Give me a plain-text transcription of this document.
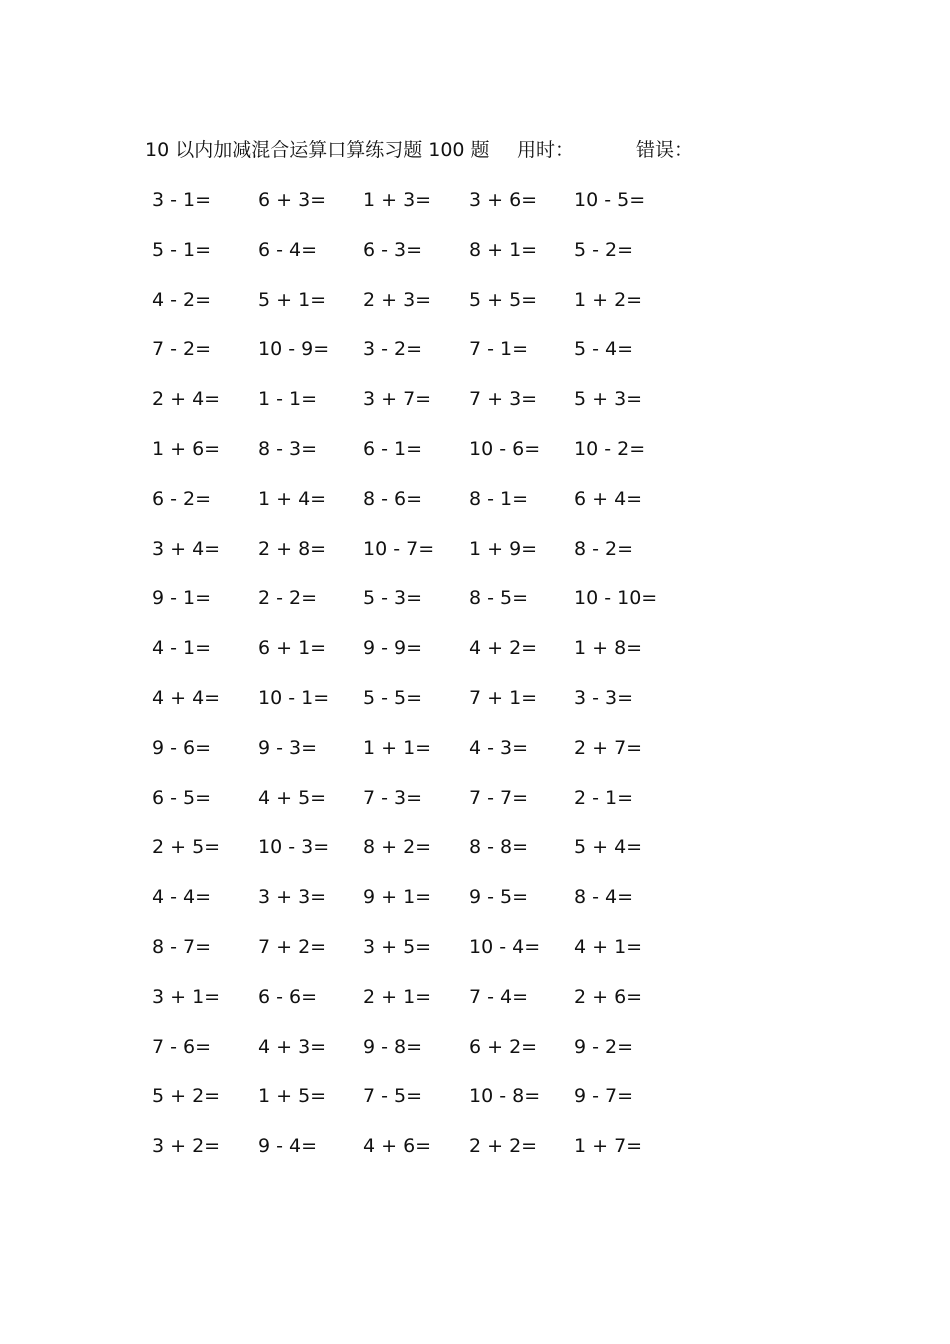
10 以内加减混合运算口算练习题 100 题 用时：	错误：
3 - 1= 6 + 3= 1 + 3= 3 + 6= 10 - 5=
5 - 1= 6 - 4= 6 - 3= 8 + 1= 5 - 2=
4 - 2= 5 + 1= 2 + 3= 5 + 5= 1 + 2=
7 - 2= 10 - 9= 3 - 2= 7 - 1= 5 - 4=
2 + 4= 1 - 1= 3 + 7= 7 + 3= 5 + 3=
1 + 6= 8 - 3= 6 - 1= 10 - 6= 10 - 2=
6 - 2= 1 + 4= 8 - 6= 8 - 1= 6 + 4=
3 + 4= 2 + 8= 10 - 7= 1 + 9= 8 - 2=
9 - 1= 2 - 2= 5 - 3= 8 - 5= 10 - 10=
4 - 1= 6 + 1= 9 - 9= 4 + 2= 1 + 8=
4 + 4= 10 - 1= 5 - 5= 7 + 1= 3 - 3=
9 - 6= 9 - 3= 1 + 1= 4 - 3= 2 + 7=
6 - 5= 4 + 5= 7 - 3= 7 - 7= 2 - 1=
2 + 5= 10 - 3= 8 + 2= 8 - 8= 5 + 4=
4 - 4= 3 + 3= 9 + 1= 9 - 5= 8 - 4=
8 - 7= 7 + 2= 3 + 5= 10 - 4= 4 + 1=
3 + 1= 6 - 6= 2 + 1= 7 - 4= 2 + 6=
7 - 6= 4 + 3= 9 - 8= 6 + 2= 9 - 2=
5 + 2= 1 + 5= 7 - 5= 10 - 8= 9 - 7=
3 + 2= 9 - 4= 4 + 6= 2 + 2= 1 + 7=
